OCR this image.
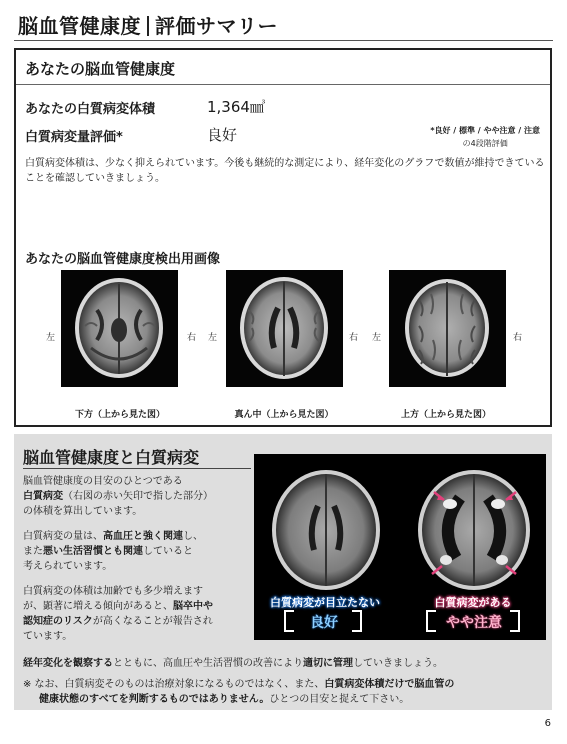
脳血管健康度 評価サマリー
あなたの脳血管健康度
あなたの白質病変体積	1,364㎣
白質病変量評価*	良好	*良好 / 標準 / やや注意 / 注意
の4段階評価
白質病変体積は、少なく抑えられています。今後も継続的な測定により、経年変化のグラフで数値が維持できていることを確認していきましょう。
あなたの脳血管健康度検出用画像
左	右
下方（上から見た図）
左	右
真ん中（上から見た図）
左	右
上方（上から見た図）
脳血管健康度と白質病変
脳血管健康度の目安のひとつである
白質病変（右図の赤い矢印で指した部分）
の体積を算出しています。
白質病変の量は、高血圧と強く関連し、
また悪い生活習慣とも関連していると
考えられています。
白質病変の体積は加齢でも多少増えます
が、顕著に増える傾向があると、脳卒中や
認知症のリスクが高くなることが報告され
ています。
白質病変が目立たない	白質病変がある
良好	やや注意
経年変化を観察するとともに、高血圧や生活習慣の改善により適切に管理していきましょう。
※ なお、白質病変そのものは治療対象になるものではなく、また、白質病変体積だけで脳血管の
健康状態のすべてを判断するものではありません。ひとつの目安と捉えて下さい。
6
